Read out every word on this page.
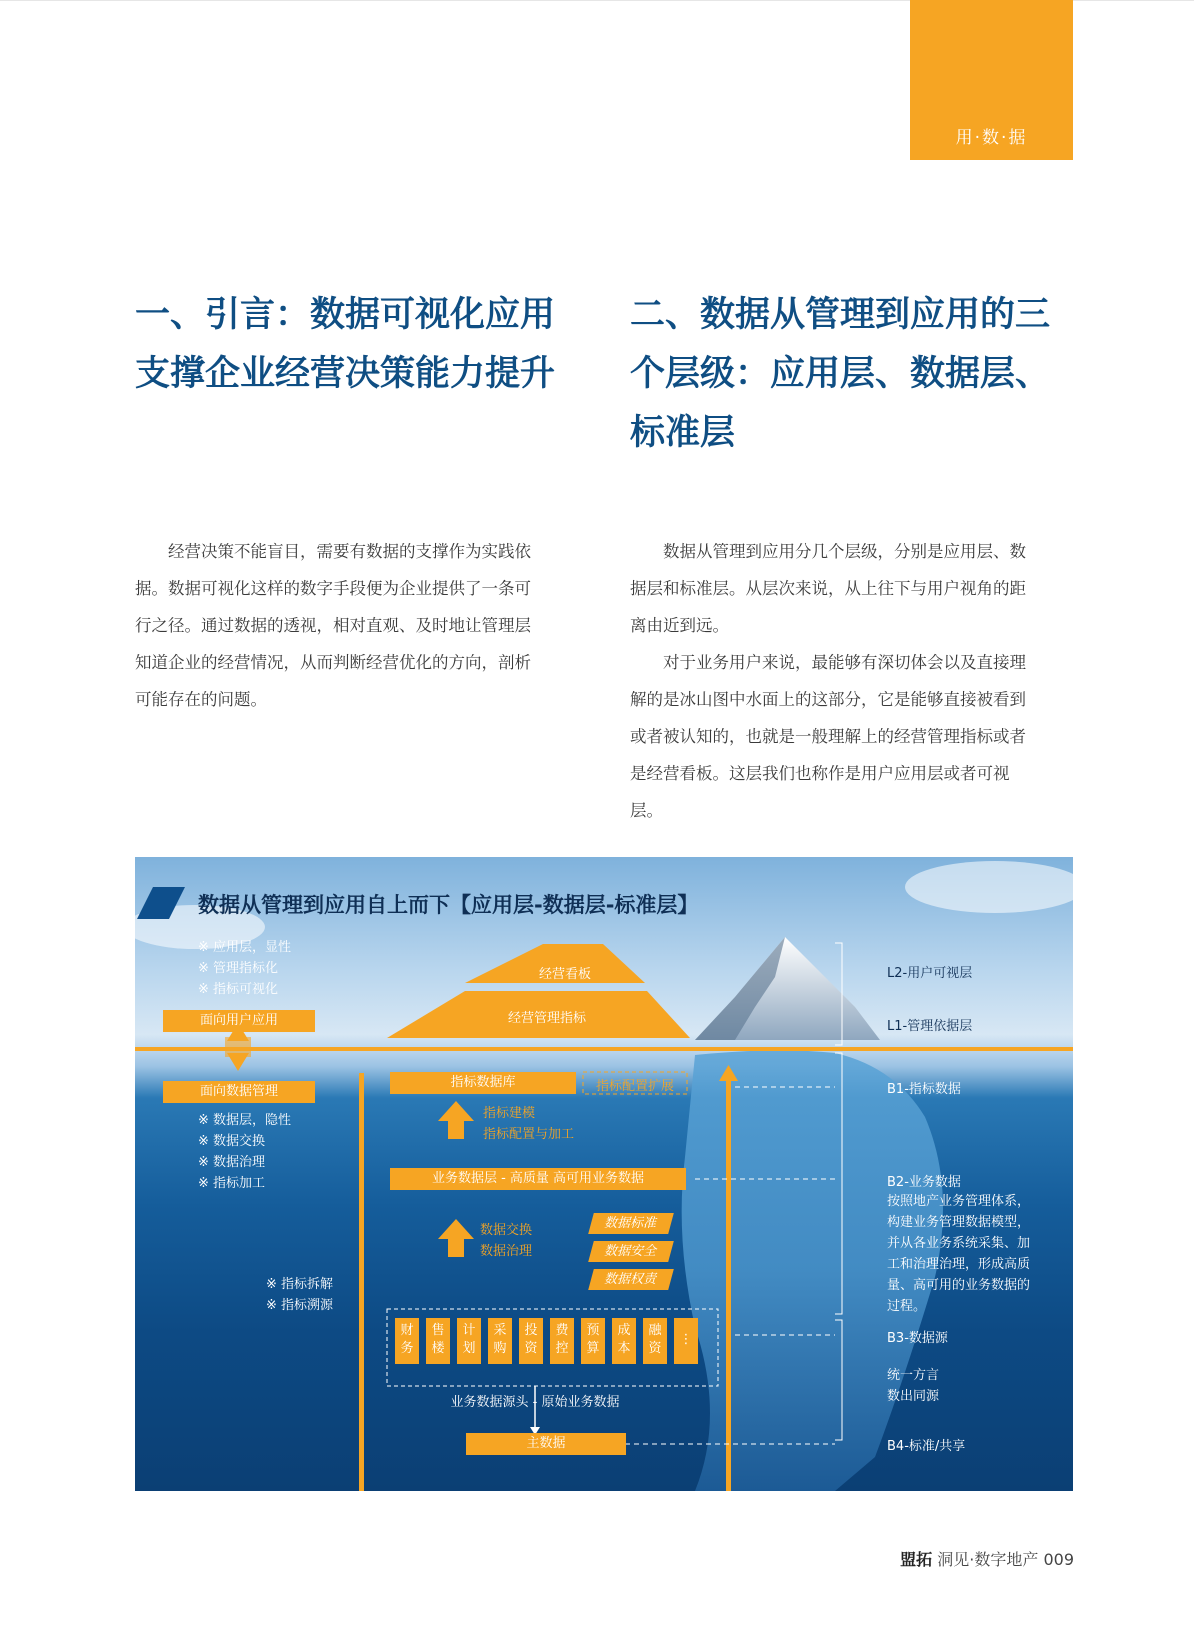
用·数·据
一、引言：数据可视化应用
支撑企业经营决策能力提升
　　经营决策不能盲目，需要有数据的支撑作为实践依
据。数据可视化这样的数字手段便为企业提供了一条可
行之径。通过数据的透视，相对直观、及时地让管理层
知道企业的经营情况，从而判断经营优化的方向，剖析
可能存在的问题。
二、数据从管理到应用的三
个层级：应用层、数据层、
标准层
　　数据从管理到应用分几个层级，分别是应用层、数
据层和标准层。从层次来说，从上往下与用户视角的距
离由近到远。
　　对于业务用户来说，最能够有深切体会以及直接理
解的是冰山图中水面上的这部分，它是能够直接被看到
或者被认知的，也就是一般理解上的经营管理指标或者
是经营看板。这层我们也称作是用户应用层或者可视
层。
数据从管理到应用自上而下【应用层-数据层-标准层】
※ 应用层，显性
※ 管理指标化
※ 指标可视化
面向用户应用
面向数据管理
※ 数据层，隐性
※ 数据交换
※ 数据治理
※ 指标加工
※ 指标拆解
※ 指标溯源
经营看板
经营管理指标
指标数据库	指标配置扩展
指标建模
指标配置与加工
业务数据层 - 高质量 高可用业务数据
数据交换
数据治理
数据标准
数据安全
数据权责
财务
售楼
计划
采购
投资
费控
预算
成本
融资
⋮
业务数据源头 - 原始业务数据
主数据
L2-用户可视层
L1-管理依据层
B1-指标数据
B2-业务数据
按照地产业务管理体系，
构建业务管理数据模型，
并从各业务系统采集、加
工和治理治理，形成高质
量、高可用的业务数据的
过程。
B3-数据源
统一方言
数出同源
B4-标准/共享
盟拓 洞见·数字地产 009
